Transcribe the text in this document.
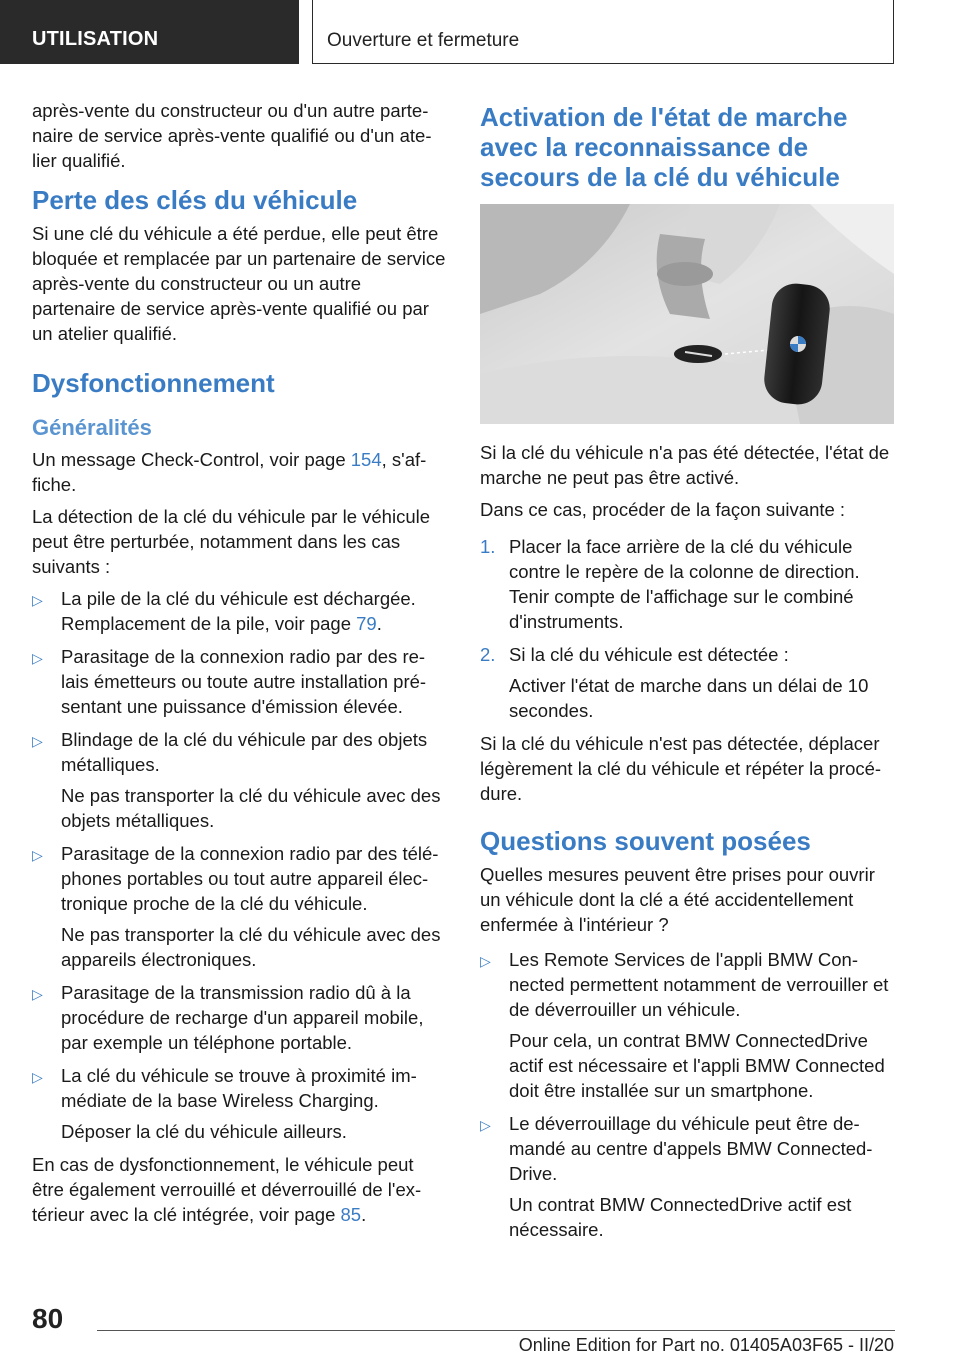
UTILISATION	Ouverture et fermeture

après-vente du constructeur ou d'un autre partenaire de service après-vente qualifié ou d'un atelier qualifié.

Perte des clés du véhicule

Si une clé du véhicule a été perdue, elle peut être bloquée et remplacée par un partenaire de service après-vente du constructeur ou un autre partenaire de service après-vente qualifié ou par un atelier qualifié.

Dysfonctionnement
Généralités

Un message Check-Control, voir page 154, s'affiche.

La détection de la clé du véhicule par le véhicule peut être perturbée, notamment dans les cas suivants :

▷ La pile de la clé du véhicule est déchargée. Remplacement de la pile, voir page 79.
▷ Parasitage de la connexion radio par des relais émetteurs ou toute autre installation présentant une puissance d'émission élevée.
▷ Blindage de la clé du véhicule par des objets métalliques.

Ne pas transporter la clé du véhicule avec des objets métalliques.

▷ Parasitage de la connexion radio par des téléphones portables ou tout autre appareil électronique proche de la clé du véhicule.

Ne pas transporter la clé du véhicule avec des appareils électroniques.

▷ Parasitage de la transmission radio dû à la procédure de recharge d'un appareil mobile, par exemple un téléphone portable.
▷ La clé du véhicule se trouve à proximité immédiate de la base Wireless Charging.

Déposer la clé du véhicule ailleurs.

En cas de dysfonctionnement, le véhicule peut être également verrouillé et déverrouillé de l'extérieur avec la clé intégrée, voir page 85.

Activation de l'état de marche avec la reconnaissance de secours de la clé du véhicule

Si la clé du véhicule n'a pas été détectée, l'état de marche ne peut pas être activé.

Dans ce cas, procéder de la façon suivante :

1. Placer la face arrière de la clé du véhicule contre le repère de la colonne de direction. Tenir compte de l'affichage sur le combiné d'instruments.
2. Si la clé du véhicule est détectée :

Activer l'état de marche dans un délai de 10 secondes.

Si la clé du véhicule n'est pas détectée, déplacer légèrement la clé du véhicule et répéter la procédure.

Questions souvent posées

Quelles mesures peuvent être prises pour ouvrir un véhicule dont la clé a été accidentellement enfermée à l'intérieur ?

▷ Les Remote Services de l'appli BMW Connected permettent notamment de verrouiller et de déverrouiller un véhicule.

Pour cela, un contrat BMW ConnectedDrive actif est nécessaire et l'appli BMW Connected doit être installée sur un smartphone.

▷ Le déverrouillage du véhicule peut être demandé au centre d'appels BMW ConnectedDrive.

Un contrat BMW ConnectedDrive actif est nécessaire.

80
Online Edition for Part no. 01405A03F65 - II/20
